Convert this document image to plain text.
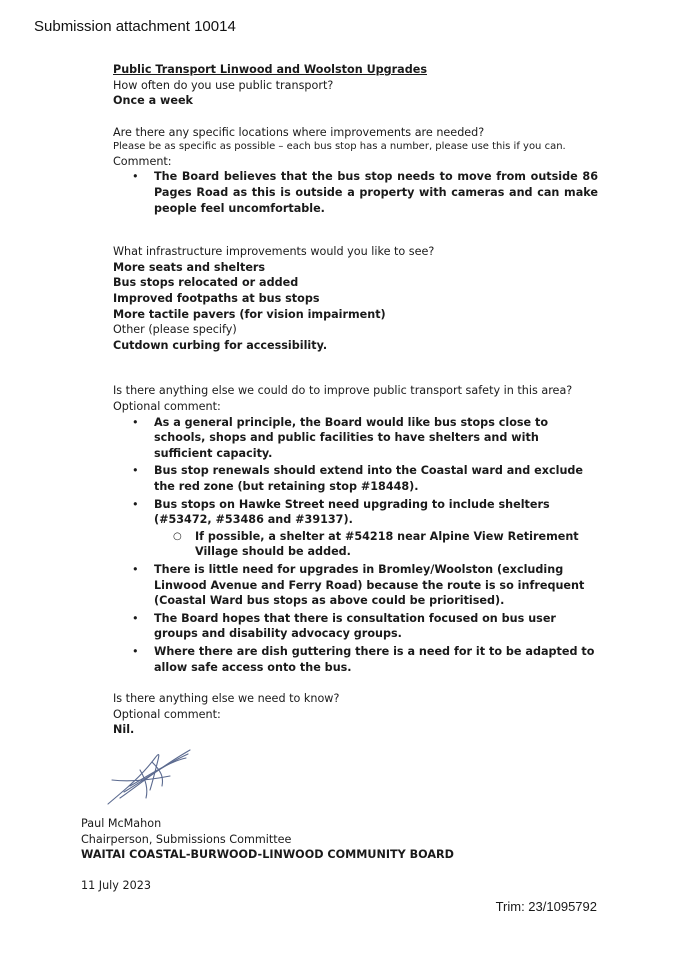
Submission attachment 10014

Public Transport Linwood and Woolston Upgrades

How often do you use public transport?

Once a week

Are there any specific locations where improvements are needed?

Please be as specific as possible – each bus stop has a number, please use this if you can.

Comment:

• The Board believes that the bus stop needs to move from outside 86 Pages Road as this is outside a property with cameras and can make people feel uncomfortable.

What infrastructure improvements would you like to see?

More seats and shelters

Bus stops relocated or added

Improved footpaths at bus stops

More tactile pavers (for vision impairment)

Other (please specify)

Cutdown curbing for accessibility.

Is there anything else we could do to improve public transport safety in this area?

Optional comment:

• As a general principle, the Board would like bus stops close to schools, shops and public facilities to have shelters and with sufficient capacity.
• Bus stop renewals should extend into the Coastal ward and exclude the red zone (but retaining stop #18448).
• Bus stops on Hawke Street need upgrading to include shelters (#53472, #53486 and #39137).
○ If possible, a shelter at #54218 near Alpine View Retirement Village should be added.
• There is little need for upgrades in Bromley/Woolston (excluding Linwood Avenue and Ferry Road) because the route is so infrequent (Coastal Ward bus stops as above could be prioritised).
• The Board hopes that there is consultation focused on bus user groups and disability advocacy groups.
• Where there are dish guttering there is a need for it to be adapted to allow safe access onto the bus.

Is there anything else we need to know?

Optional comment:

Nil.

Paul McMahon
Chairperson, Submissions Committee
WAITAI COASTAL-BURWOOD-LINWOOD COMMUNITY BOARD
11 July 2023
Trim: 23/1095792
